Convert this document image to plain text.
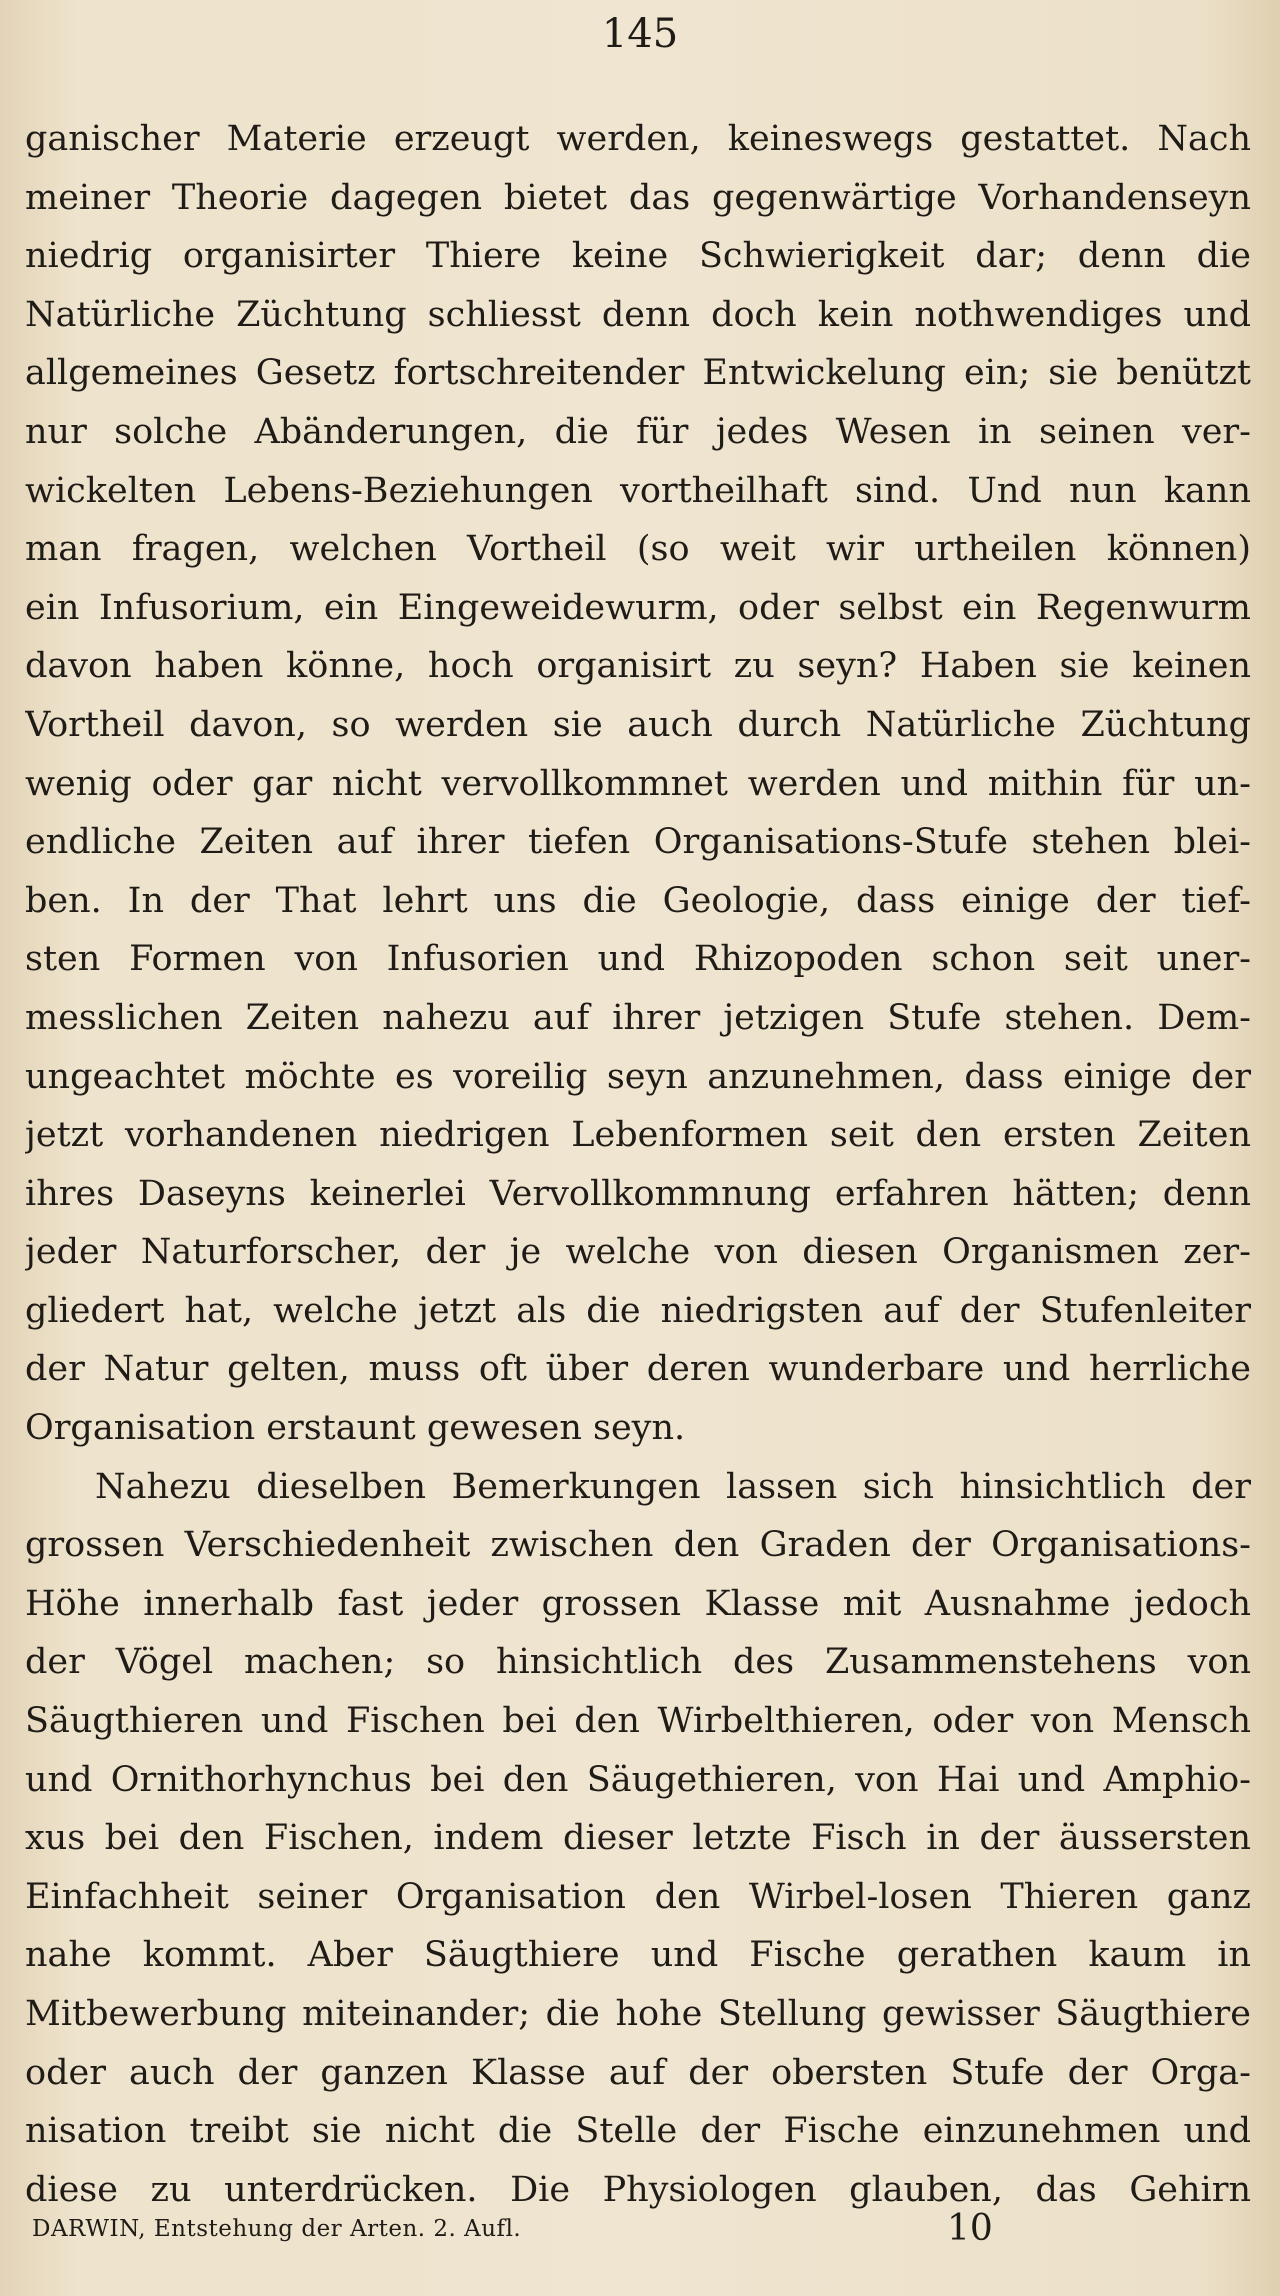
145
ganischer Materie erzeugt werden, keineswegs gestattet. Nach
meiner Theorie dagegen bietet das gegenwärtige Vorhandenseyn
niedrig organisirter Thiere keine Schwierigkeit dar; denn die
Natürliche Züchtung schliesst denn doch kein nothwendiges und
allgemeines Gesetz fortschreitender Entwickelung ein; sie benützt
nur solche Abänderungen, die für jedes Wesen in seinen ver-
wickelten Lebens-Beziehungen vortheilhaft sind. Und nun kann
man fragen, welchen Vortheil (so weit wir urtheilen können)
ein Infusorium, ein Eingeweidewurm, oder selbst ein Regenwurm
davon haben könne, hoch organisirt zu seyn? Haben sie keinen
Vortheil davon, so werden sie auch durch Natürliche Züchtung
wenig oder gar nicht vervollkommnet werden und mithin für un-
endliche Zeiten auf ihrer tiefen Organisations-Stufe stehen blei-
ben. In der That lehrt uns die Geologie, dass einige der tief-
sten Formen von Infusorien und Rhizopoden schon seit uner-
messlichen Zeiten nahezu auf ihrer jetzigen Stufe stehen. Dem-
ungeachtet möchte es voreilig seyn anzunehmen, dass einige der
jetzt vorhandenen niedrigen Lebenformen seit den ersten Zeiten
ihres Daseyns keinerlei Vervollkommnung erfahren hätten; denn
jeder Naturforscher, der je welche von diesen Organismen zer-
gliedert hat, welche jetzt als die niedrigsten auf der Stufenleiter
der Natur gelten, muss oft über deren wunderbare und herrliche
Organisation erstaunt gewesen seyn.
Nahezu dieselben Bemerkungen lassen sich hinsichtlich der
grossen Verschiedenheit zwischen den Graden der Organisations-
Höhe innerhalb fast jeder grossen Klasse mit Ausnahme jedoch
der Vögel machen; so hinsichtlich des Zusammenstehens von
Säugthieren und Fischen bei den Wirbelthieren, oder von Mensch
und Ornithorhynchus bei den Säugethieren, von Hai und Amphio-
xus bei den Fischen, indem dieser letzte Fisch in der äussersten
Einfachheit seiner Organisation den Wirbel-losen Thieren ganz
nahe kommt. Aber Säugthiere und Fische gerathen kaum in
Mitbewerbung miteinander; die hohe Stellung gewisser Säugthiere
oder auch der ganzen Klasse auf der obersten Stufe der Orga-
nisation treibt sie nicht die Stelle der Fische einzunehmen und
diese zu unterdrücken. Die Physiologen glauben, das Gehirn
DARWIN, Entstehung der Arten. 2. Aufl.	10
